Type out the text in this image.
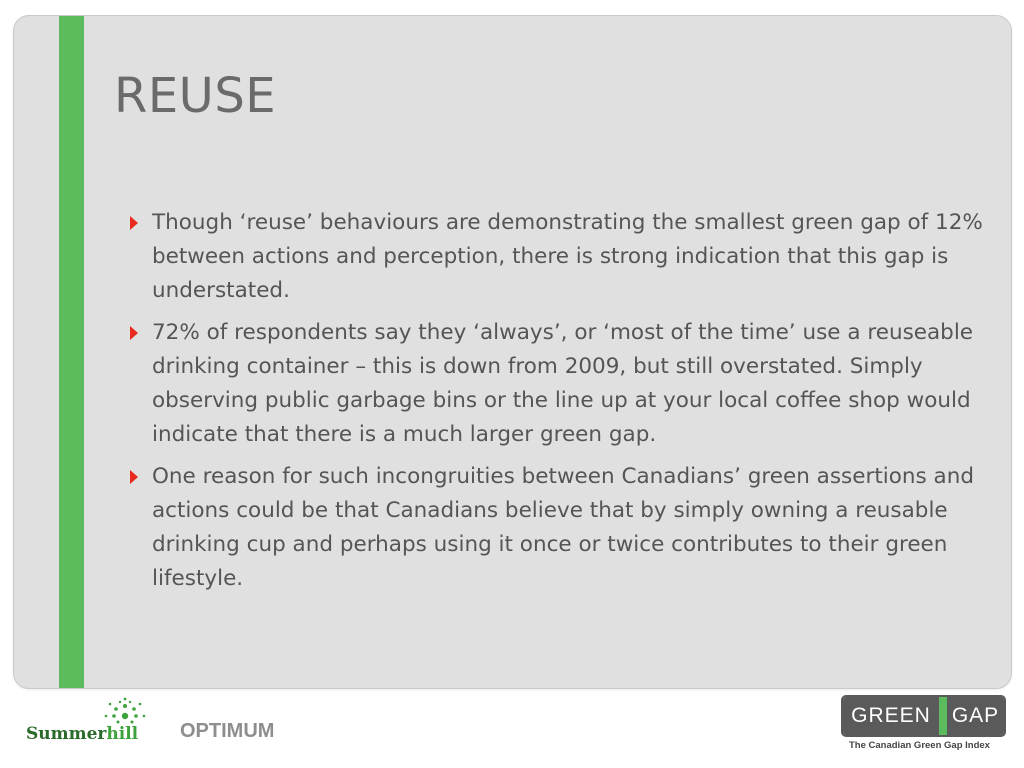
REUSE
Though ‘reuse’ behaviours are demonstrating the smallest green gap of 12% between actions and perception, there is strong indication that this gap is understated.
72% of respondents say they ‘always’, or ‘most of the time’ use a reuseable drinking container – this is down from 2009, but still overstated. Simply observing public garbage bins or the line up at your local coffee shop would indicate that there is a much larger green gap.
One reason for such incongruities between Canadians’ green assertions and actions could be that Canadians believe that by simply owning a reusable drinking cup and perhaps using it once or twice contributes to their green lifestyle.
Summerhill OPTIMUM
GREEN GAP
The Canadian Green Gap Index
